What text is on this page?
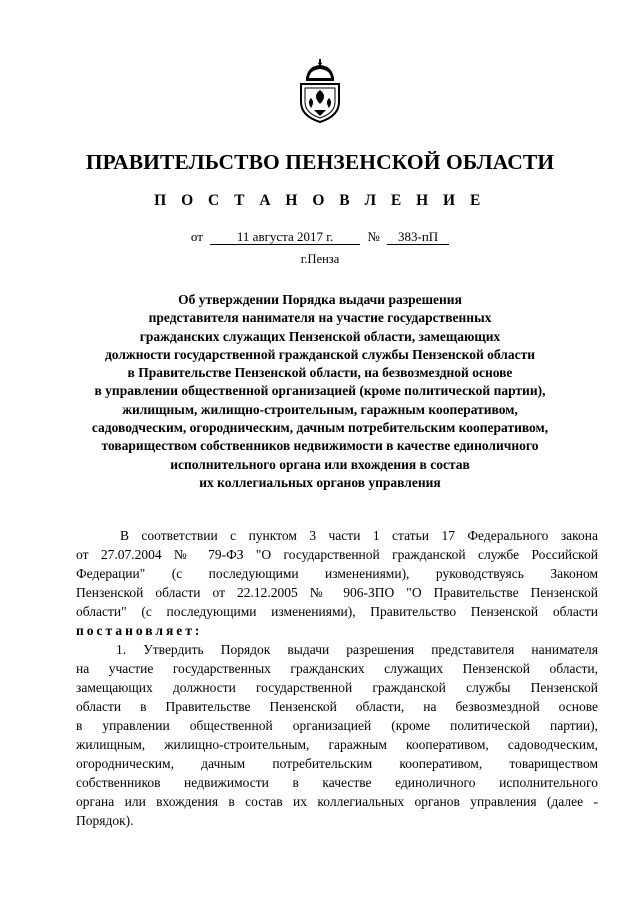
ПРАВИТЕЛЬСТВО ПЕНЗЕНСКОЙ ОБЛАСТИ
П О С Т А Н О В Л Е Н И Е
от	11 августа 2017 г.	№ 383-пП
г.Пенза
Об утверждении Порядка выдачи разрешения
представителя нанимателя на участие государственных
гражданских служащих Пензенской области, замещающих
должности государственной гражданской службы Пензенской области
в Правительстве Пензенской области, на безвозмездной основе
в управлении общественной организацией (кроме политической партии),
жилищным, жилищно-строительным, гаражным кооперативом,
садоводческим, огородническим, дачным потребительским кооперативом,
товариществом собственников недвижимости в качестве единоличного
исполнительного органа или вхождения в состав
их коллегиальных органов управления
В соответствии с пунктом 3 части 1 статьи 17 Федерального закона
от 27.07.2004 № 79-ФЗ "О государственной гражданской службе Российской
Федерации" (с последующими изменениями), руководствуясь Законом
Пензенской области от 22.12.2005 № 906-ЗПО "О Правительстве Пензенской
области" (с последующими изменениями), Правительство Пензенской области
постановляет:
1. Утвердить Порядок выдачи разрешения представителя нанимателя
на участие государственных гражданских служащих Пензенской области,
замещающих должности государственной гражданской службы Пензенской
области в Правительстве Пензенской области, на безвозмездной основе
в управлении общественной организацией (кроме политической партии),
жилищным, жилищно-строительным, гаражным кооперативом, садоводческим,
огородническим, дачным потребительским кооперативом, товариществом
собственников недвижимости в качестве единоличного исполнительного
органа или вхождения в состав их коллегиальных органов управления (далее -
Порядок).
